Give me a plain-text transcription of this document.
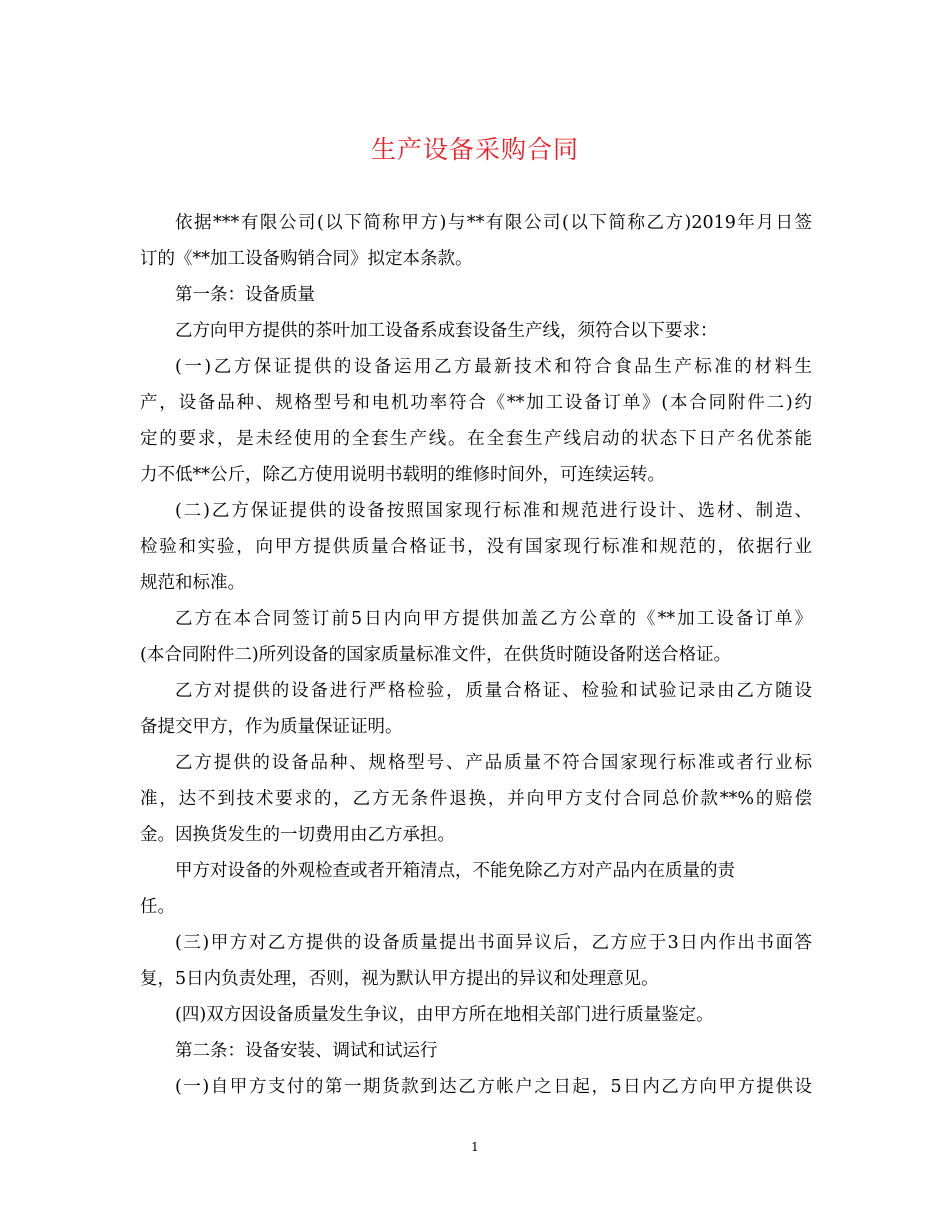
生产设备采购合同
依据***有限公司(以下简称甲方)与**有限公司(以下简称乙方)2019年月日签
订的《**加工设备购销合同》拟定本条款。
第一条：设备质量
乙方向甲方提供的茶叶加工设备系成套设备生产线，须符合以下要求：
(一)乙方保证提供的设备运用乙方最新技术和符合食品生产标准的材料生
产，设备品种、规格型号和电机功率符合《**加工设备订单》(本合同附件二)约
定的要求，是未经使用的全套生产线。在全套生产线启动的状态下日产名优茶能
力不低**公斤，除乙方使用说明书载明的维修时间外，可连续运转。
(二)乙方保证提供的设备按照国家现行标准和规范进行设计、选材、制造、
检验和实验，向甲方提供质量合格证书，没有国家现行标准和规范的，依据行业
规范和标准。
乙方在本合同签订前5日内向甲方提供加盖乙方公章的《**加工设备订单》
(本合同附件二)所列设备的国家质量标准文件，在供货时随设备附送合格证。
乙方对提供的设备进行严格检验，质量合格证、检验和试验记录由乙方随设
备提交甲方，作为质量保证证明。
乙方提供的设备品种、规格型号、产品质量不符合国家现行标准或者行业标
准，达不到技术要求的，乙方无条件退换，并向甲方支付合同总价款**%的赔偿
金。因换货发生的一切费用由乙方承担。
甲方对设备的外观检查或者开箱清点，不能免除乙方对产品内在质量的责
任。
(三)甲方对乙方提供的设备质量提出书面异议后，乙方应于3日内作出书面答
复，5日内负责处理，否则，视为默认甲方提出的异议和处理意见。
(四)双方因设备质量发生争议，由甲方所在地相关部门进行质量鉴定。
第二条：设备安装、调试和试运行
(一)自甲方支付的第一期货款到达乙方帐户之日起，5日内乙方向甲方提供设
1
